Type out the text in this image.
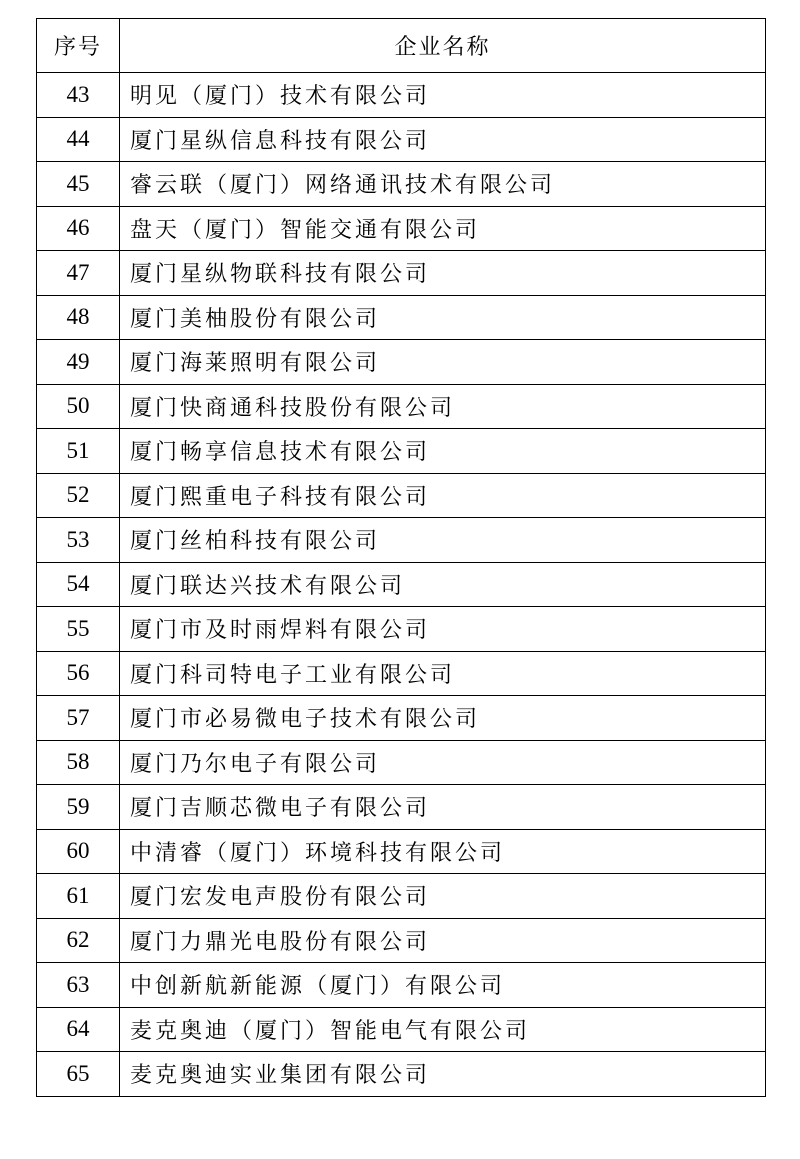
序号	企业名称
43	明见（厦门）技术有限公司
44	厦门星纵信息科技有限公司
45	睿云联（厦门）网络通讯技术有限公司
46	盘天（厦门）智能交通有限公司
47	厦门星纵物联科技有限公司
48	厦门美柚股份有限公司
49	厦门海莱照明有限公司
50	厦门快商通科技股份有限公司
51	厦门畅享信息技术有限公司
52	厦门熙重电子科技有限公司
53	厦门丝柏科技有限公司
54	厦门联达兴技术有限公司
55	厦门市及时雨焊料有限公司
56	厦门科司特电子工业有限公司
57	厦门市必易微电子技术有限公司
58	厦门乃尔电子有限公司
59	厦门吉顺芯微电子有限公司
60	中清睿（厦门）环境科技有限公司
61	厦门宏发电声股份有限公司
62	厦门力鼎光电股份有限公司
63	中创新航新能源（厦门）有限公司
64	麦克奥迪（厦门）智能电气有限公司
65	麦克奥迪实业集团有限公司
